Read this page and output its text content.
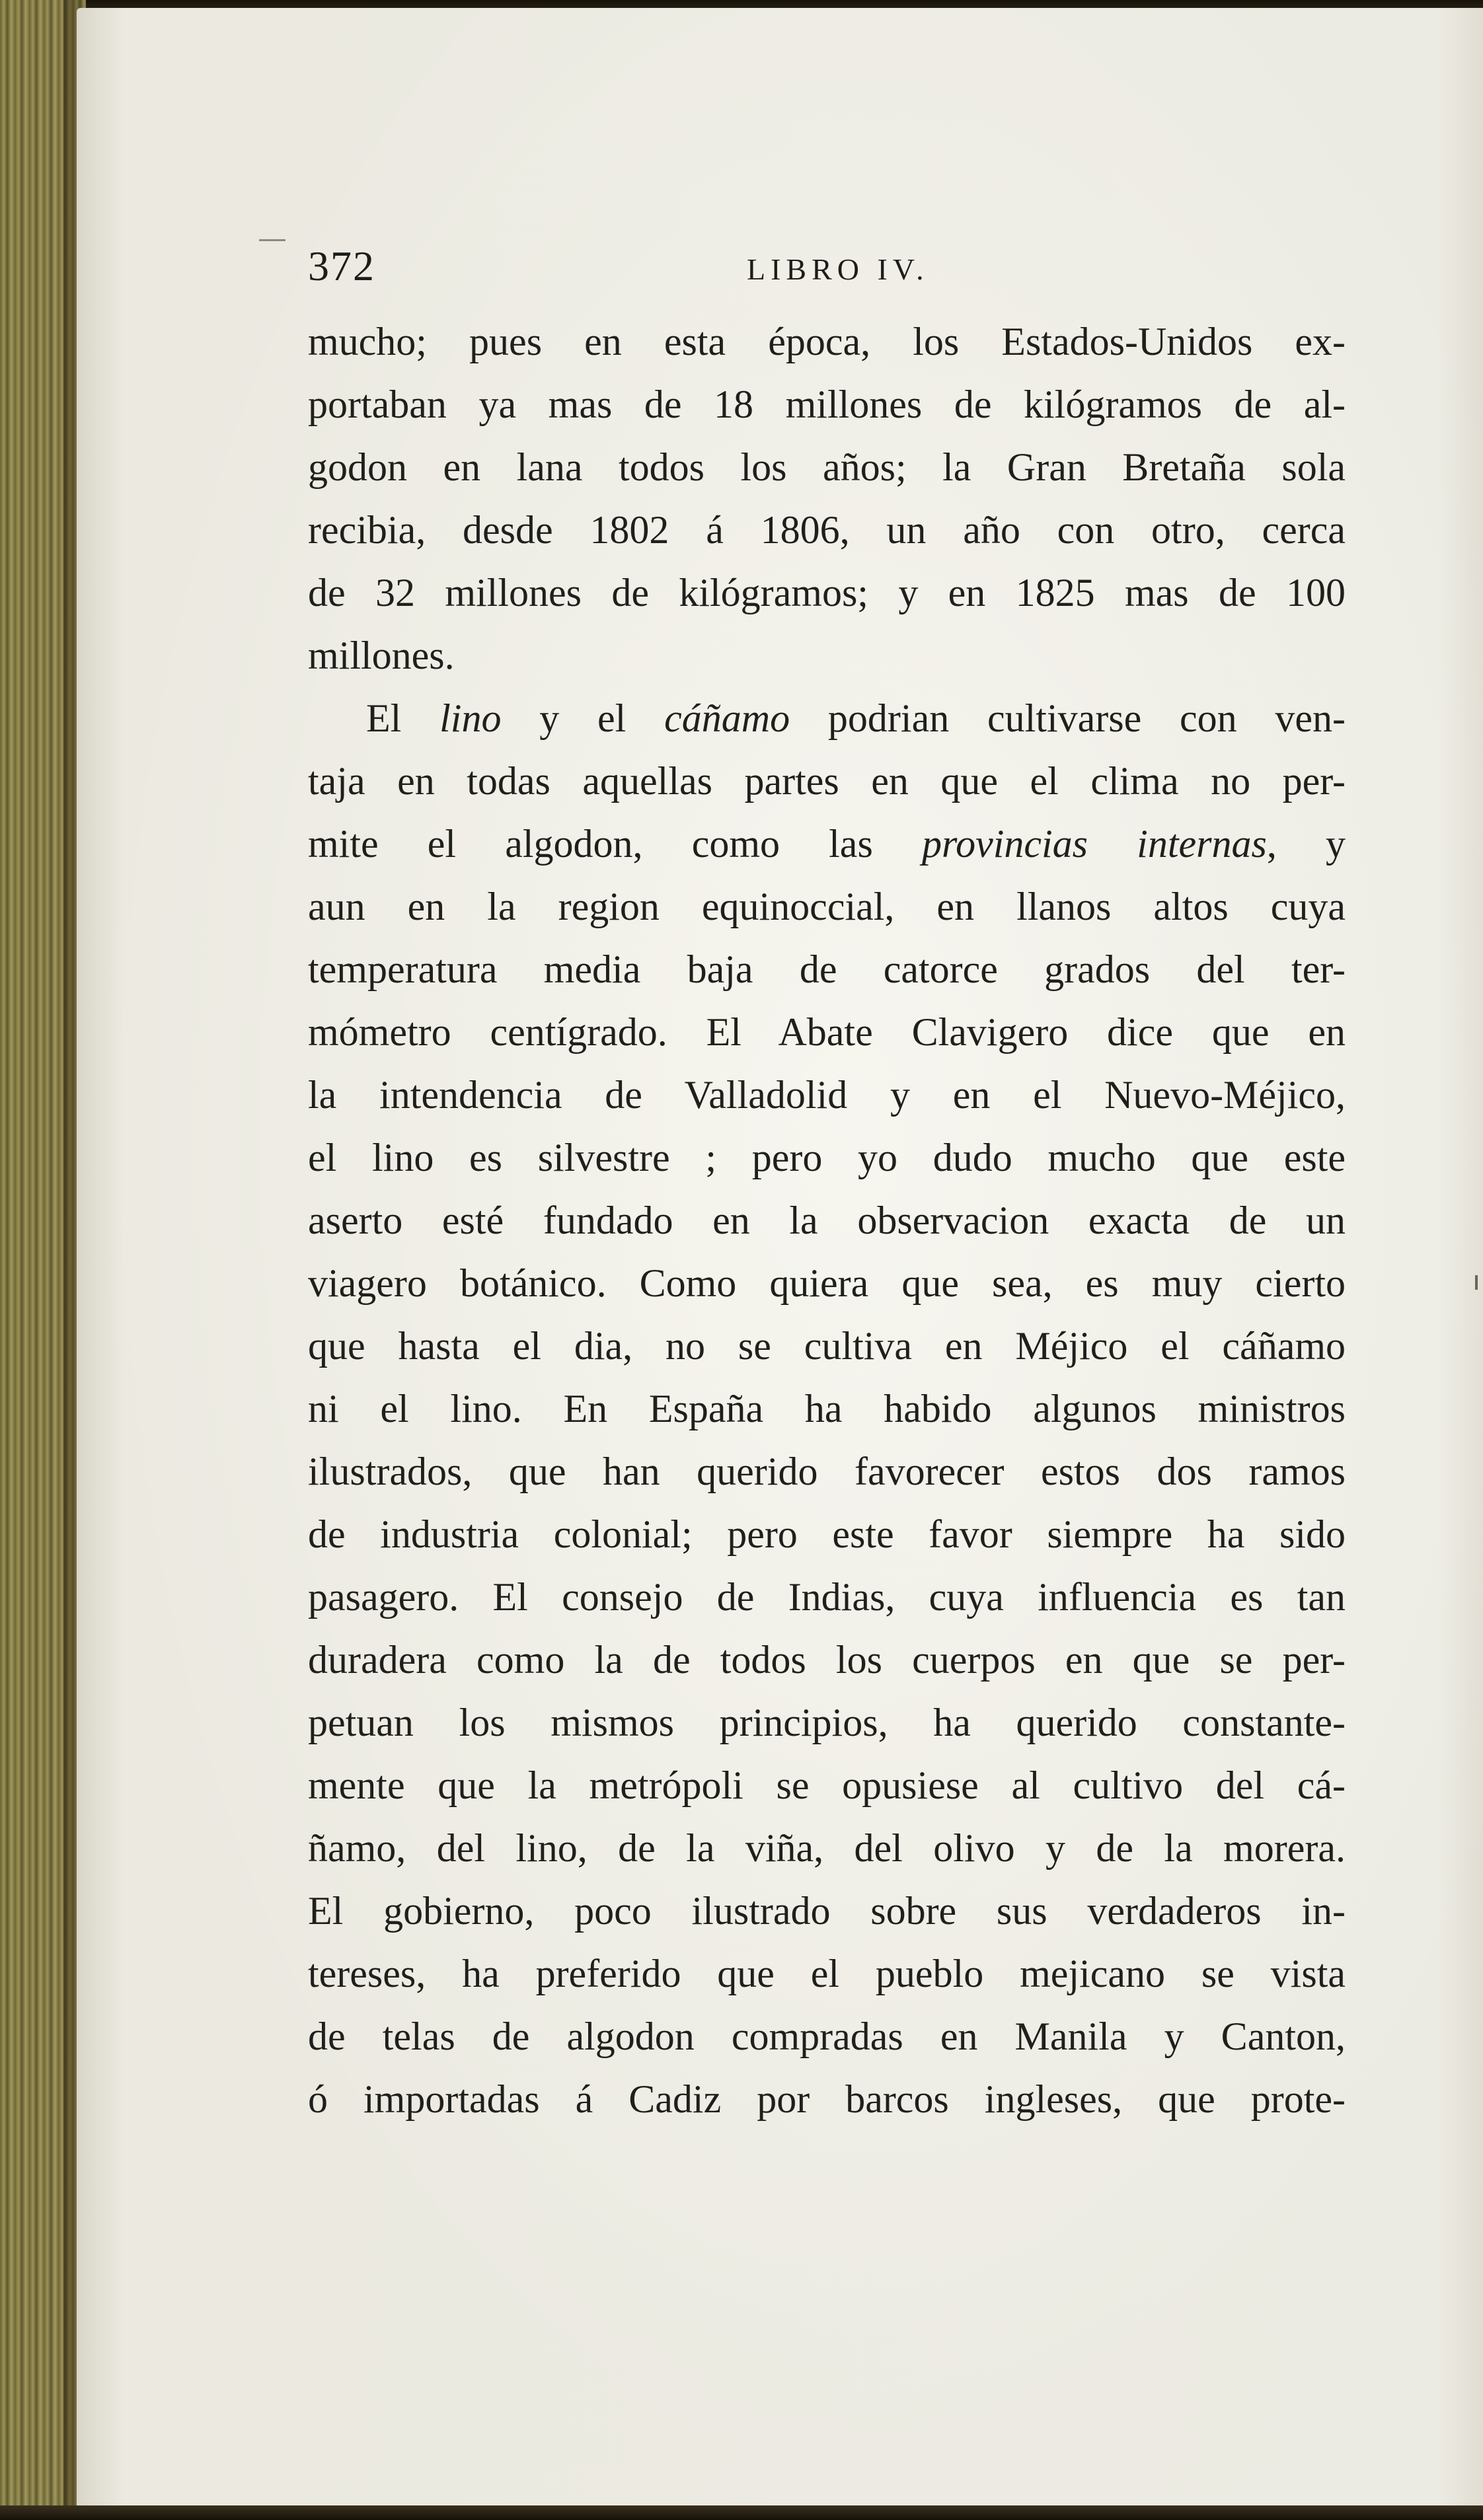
372	LIBRO IV.
mucho; pues en esta época, los Estados-Unidos ex-
portaban ya mas de 18 millones de kilógramos de al-
godon en lana todos los años; la Gran Bretaña sola
recibia, desde 1802 á 1806, un año con otro, cerca
de 32 millones de kilógramos; y en 1825 mas de 100
millones.
El lino y el cáñamo podrian cultivarse con ven-
taja en todas aquellas partes en que el clima no per-
mite el algodon, como las provincias internas, y
aun en la region equinoccial, en llanos altos cuya
temperatura media baja de catorce grados del ter-
mómetro centígrado. El Abate Clavigero dice que en
la intendencia de Valladolid y en el Nuevo-Méjico,
el lino es silvestre ; pero yo dudo mucho que este
aserto esté fundado en la observacion exacta de un
viagero botánico. Como quiera que sea, es muy cierto
que hasta el dia, no se cultiva en Méjico el cáñamo
ni el lino. En España ha habido algunos ministros
ilustrados, que han querido favorecer estos dos ramos
de industria colonial; pero este favor siempre ha sido
pasagero. El consejo de Indias, cuya influencia es tan
duradera como la de todos los cuerpos en que se per-
petuan los mismos principios, ha querido constante-
mente que la metrópoli se opusiese al cultivo del cá-
ñamo, del lino, de la viña, del olivo y de la morera.
El gobierno, poco ilustrado sobre sus verdaderos in-
tereses, ha preferido que el pueblo mejicano se vista
de telas de algodon compradas en Manila y Canton,
ó importadas á Cadiz por barcos ingleses, que prote-
